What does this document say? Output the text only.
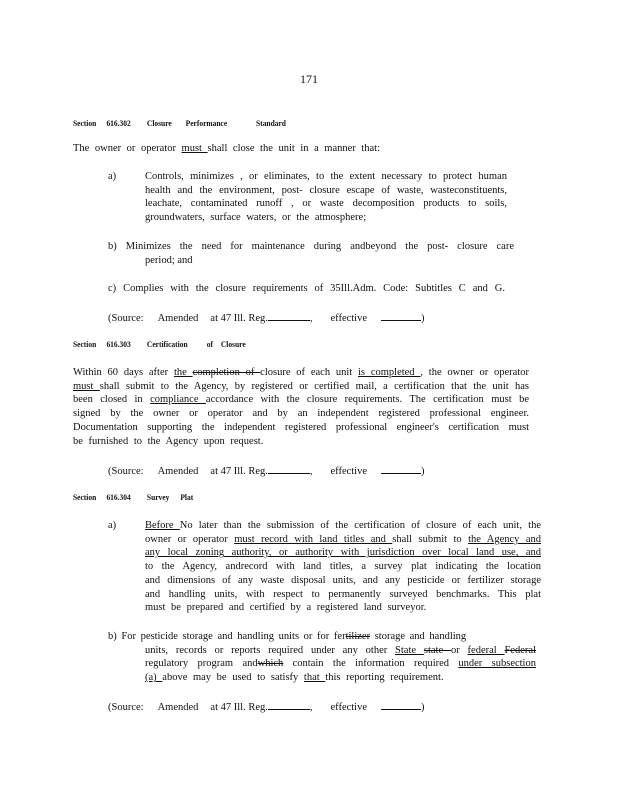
171
Section 616.302 Closure Performance	Standard
The owner or operator must shall close the unit in a manner that:
a)	Controls, minimizes , or eliminates, to the extent necessary to protect human
health and the environment, post- closure escape of waste, wasteconstituents,
leachate, contaminated runoff , or waste decomposition products to soils,
groundwaters, surface waters, or the atmosphere;
b) Minimizes the need for maintenance during andbeyond the post- closure care
period; and
c) Complies with the closure requirements of 35Ill.Adm. Code: Subtitles C and G.
(Source: Amended at 47 Ill. Reg.	, effective	)
Section 616.303 Certification of Closure
Within 60 days after the completion of closure of each unit is completed , the owner or operator
must shall submit to the Agency, by registered or certified mail, a certification that the unit has
been closed in compliance accordance with the closure requirements. The certification must be
signed by the owner or operator and by an independent registered professional engineer.
Documentation supporting the independent registered professional engineer's certification must
be furnished to the Agency upon request.
(Source: Amended at 47 Ill. Reg.	, effective	)
Section 616.304 Survey Plat
a)	Before No later than the submission of the certification of closure of each unit, the
owner or operator must record with land titles and shall submit to the Agency and
any local zoning authority, or authority with jurisdiction over local land use, and
to the Agency, andrecord with land titles, a survey plat indicating the location
and dimensions of any waste disposal units, and any pesticide or fertilizer storage
and handling units, with respect to permanently surveyed benchmarks. This plat
must be prepared and certified by a registered land surveyor.
b) For pesticide storage and handling units or for fertilizer storage and handling
units, records or reports required under any other State state or federal Federal
regulatory program andwhich contain the information required under subsection
(a) above may be used to satisfy that this reporting requirement.
(Source: Amended at 47 Ill. Reg.	, effective	)
